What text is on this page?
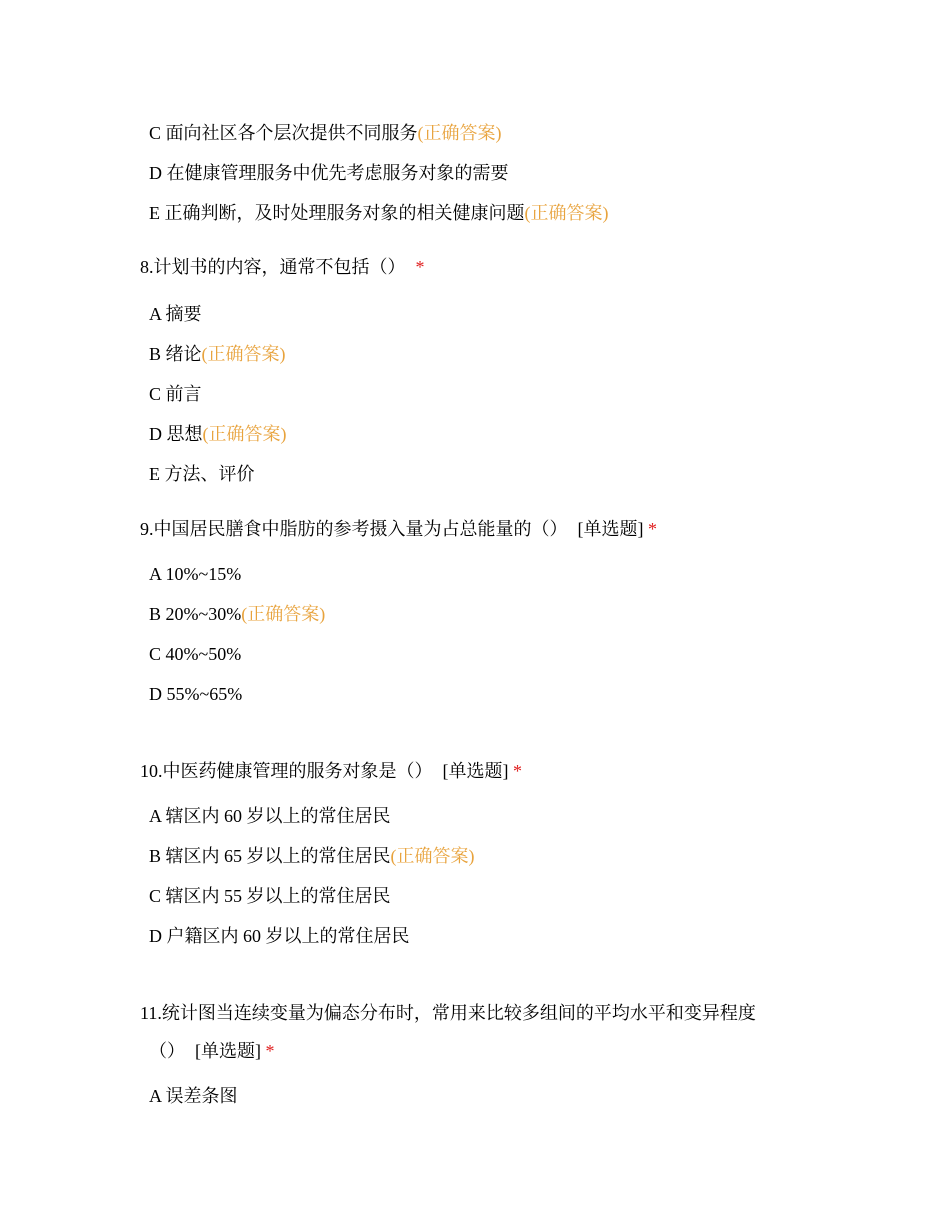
C 面向社区各个层次提供不同服务(正确答案)
D 在健康管理服务中优先考虑服务对象的需要
E 正确判断，及时处理服务对象的相关健康问题(正确答案)
8.计划书的内容，通常不包括（） *
A 摘要
B 绪论(正确答案)
C 前言
D 思想(正确答案)
E 方法、评价
9.中国居民膳食中脂肪的参考摄入量为占总能量的（） [单选题] *
A 10%~15%
B 20%~30%(正确答案)
C 40%~50%
D 55%~65%
10.中医药健康管理的服务对象是（） [单选题] *
A 辖区内 60 岁以上的常住居民
B 辖区内 65 岁以上的常住居民(正确答案)
C 辖区内 55 岁以上的常住居民
D 户籍区内 60 岁以上的常住居民
11.统计图当连续变量为偏态分布时，常用来比较多组间的平均水平和变异程度
（） [单选题] *
A 误差条图
